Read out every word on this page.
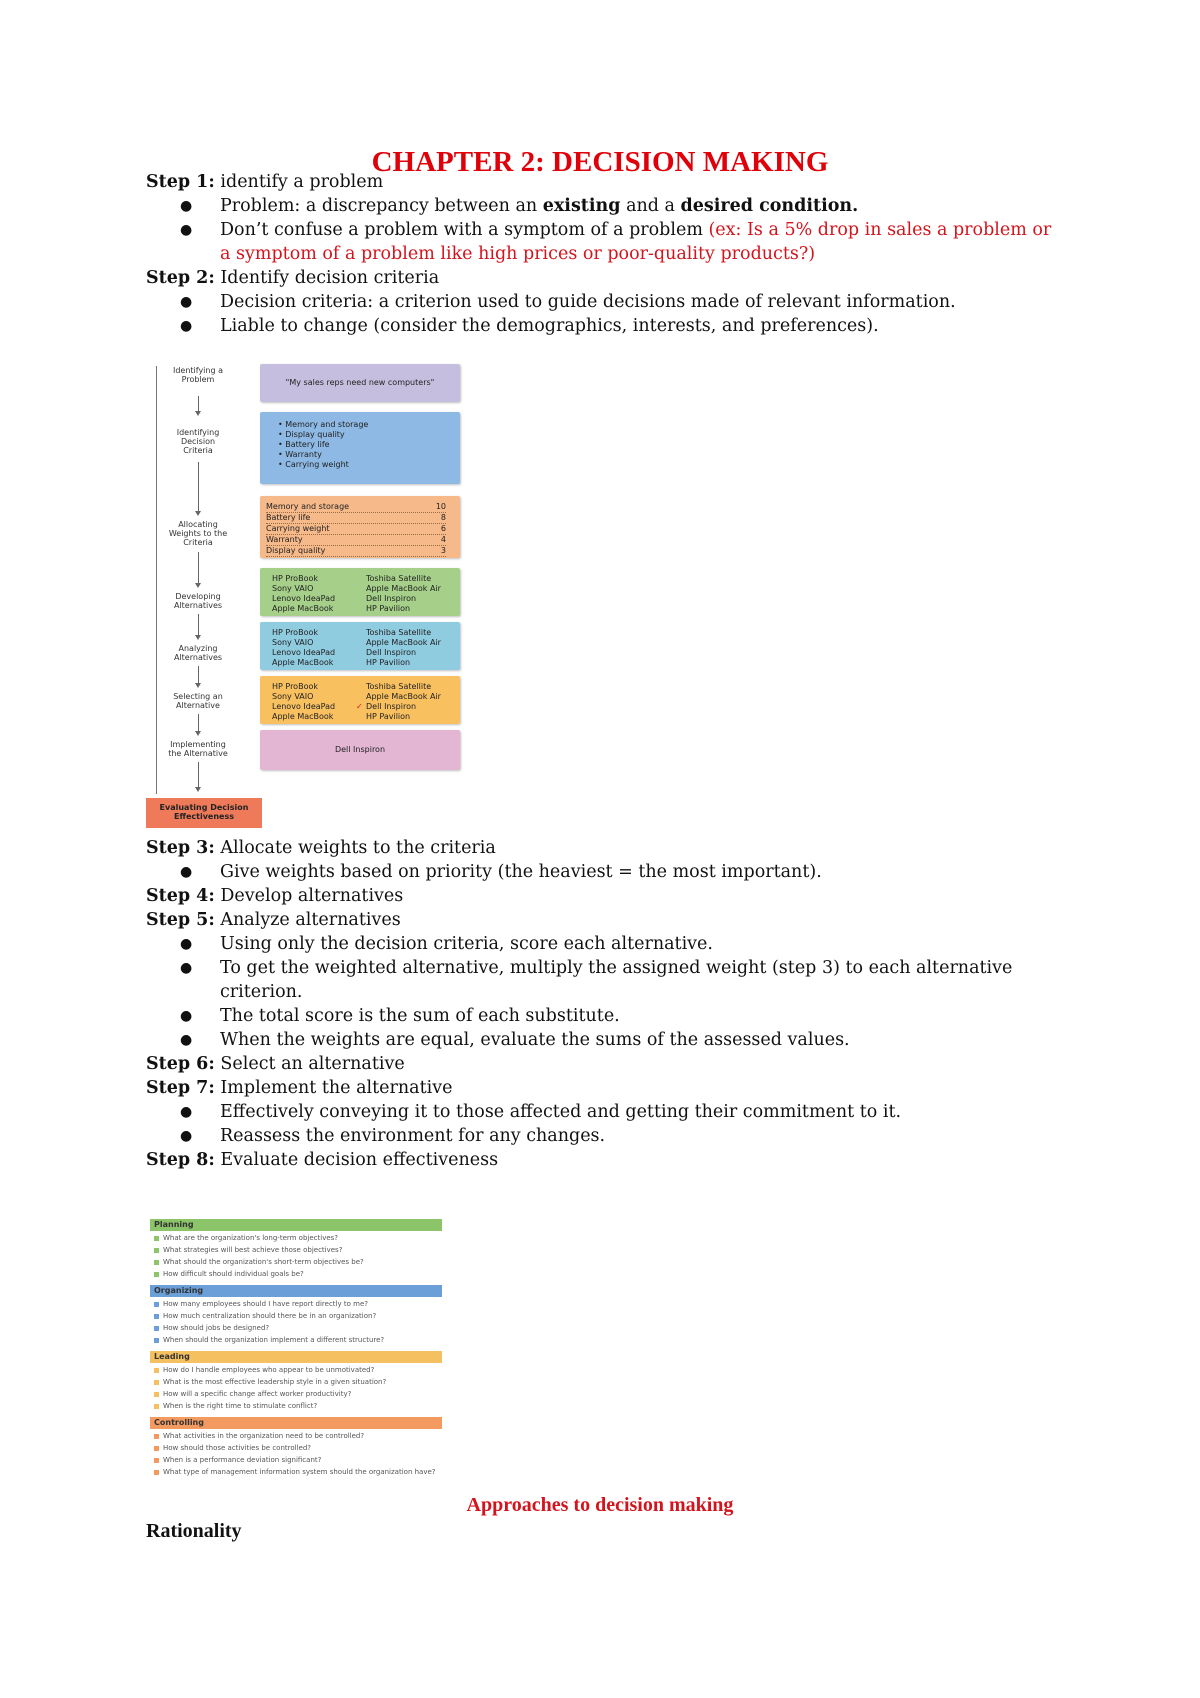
CHAPTER 2: DECISION MAKING
Step 1: identify a problem
● Problem: a discrepancy between an existing and a desired condition.
● Don’t confuse a problem with a symptom of a problem (ex: Is a 5% drop in sales a problem or
a symptom of a problem like high prices or poor-quality products?)
Step 2: Identify decision criteria
● Decision criteria: a criterion used to guide decisions made of relevant information.
● Liable to change (consider the demographics, interests, and preferences).
Identifying a Problem
Identifying Decision Criteria
Allocating Weights to the Criteria
Developing Alternatives
Analyzing Alternatives
Selecting an Alternative
Implementing the Alternative
"My sales reps need new computers"
• Memory and storage
• Display quality
• Battery life
• Warranty
• Carrying weight
Memory and storage	10
Battery life	8
Carrying weight	6
Warranty	4
Display quality	3
HP ProBook
Sony VAIO
Lenovo IdeaPad
Apple MacBook
Toshiba Satellite
Apple MacBook Air
Dell Inspiron
HP Pavilion
HP ProBook
Sony VAIO
Lenovo IdeaPad
Apple MacBook
Toshiba Satellite
Apple MacBook Air
Dell Inspiron
HP Pavilion
HP ProBook
Sony VAIO
Lenovo IdeaPad
Apple MacBook
Toshiba Satellite
Apple MacBook Air
✓ Dell Inspiron
HP Pavilion
Dell Inspiron
Evaluating Decision Effectiveness
Step 3: Allocate weights to the criteria
● Give weights based on priority (the heaviest = the most important).
Step 4: Develop alternatives
Step 5: Analyze alternatives
● Using only the decision criteria, score each alternative.
● To get the weighted alternative, multiply the assigned weight (step 3) to each alternative
criterion.
● The total score is the sum of each substitute.
● When the weights are equal, evaluate the sums of the assessed values.
Step 6: Select an alternative
Step 7: Implement the alternative
● Effectively conveying it to those affected and getting their commitment to it.
● Reassess the environment for any changes.
Step 8: Evaluate decision effectiveness
Planning
What are the organization's long-term objectives?
What strategies will best achieve those objectives?
What should the organization's short-term objectives be?
How difficult should individual goals be?
Organizing
How many employees should I have report directly to me?
How much centralization should there be in an organization?
How should jobs be designed?
When should the organization implement a different structure?
Leading
How do I handle employees who appear to be unmotivated?
What is the most effective leadership style in a given situation?
How will a specific change affect worker productivity?
When is the right time to stimulate conflict?
Controlling
What activities in the organization need to be controlled?
How should those activities be controlled?
When is a performance deviation significant?
What type of management information system should the organization have?
Approaches to decision making
Rationality
